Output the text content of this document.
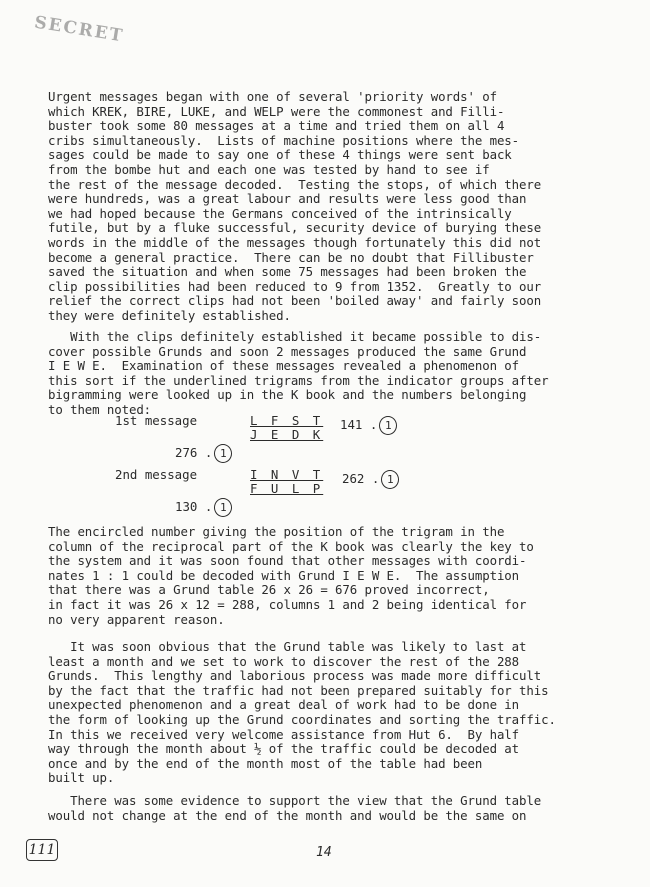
SECRET

Urgent messages began with one of several 'priority words' of
which KREK, BIRE, LUKE, and WELP were the commonest and Filli-
buster took some 80 messages at a time and tried them on all 4
cribs simultaneously.  Lists of machine positions where the mes-
sages could be made to say one of these 4 things were sent back
from the bombe hut and each one was tested by hand to see if
the rest of the message decoded.  Testing the stops, of which there
were hundreds, was a great labour and results were less good than
we had hoped because the Germans conceived of the intrinsically
futile, but by a fluke successful, security device of burying these
words in the middle of the messages though fortunately this did not
become a general practice.  There can be no doubt that Fillibuster
saved the situation and when some 75 messages had been broken the
clip possibilities had been reduced to 9 from 1352.  Greatly to our
relief the correct clips had not been 'boiled away' and fairly soon
they were definitely established.

With the clips definitely established it became possible to dis-
cover possible Grunds and soon 2 messages produced the same Grund
I E W E.  Examination of these messages revealed a phenomenon of
this sort if the underlined trigrams from the indicator groups after
bigramming were looked up in the K book and the numbers belonging
to them noted:

1st message	L F S T 141 . 1
J E D K
276 . 1
2nd message	I N V T 262 . 1
F U L P
130 . 1

The encircled number giving the position of the trigram in the
column of the reciprocal part of the K book was clearly the key to
the system and it was soon found that other messages with coordi-
nates 1 : 1 could be decoded with Grund I E W E.  The assumption
that there was a Grund table 26 x 26 = 676 proved incorrect,
in fact it was 26 x 12 = 288, columns 1 and 2 being identical for
no very apparent reason.

It was soon obvious that the Grund table was likely to last at
least a month and we set to work to discover the rest of the 288
Grunds.  This lengthy and laborious process was made more difficult
by the fact that the traffic had not been prepared suitably for this
unexpected phenomenon and a great deal of work had to be done in
the form of looking up the Grund coordinates and sorting the traffic.
In this we received very welcome assistance from Hut 6.  By half
way through the month about ½ of the traffic could be decoded at
once and by the end of the month most of the table had been
built up.

There was some evidence to support the view that the Grund table
would not change at the end of the month and would be the same on

111	14
